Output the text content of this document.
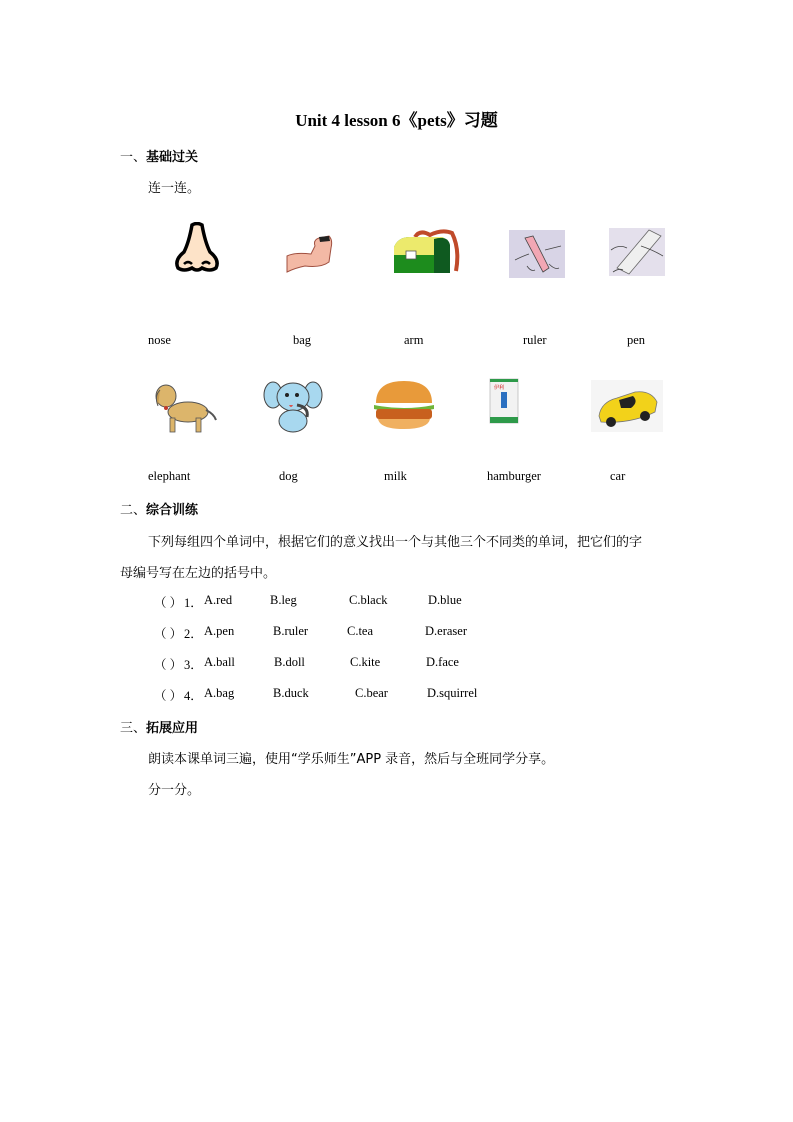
Unit 4 lesson 6《pets》习题
一、基础过关
连一连。
nose	bag	arm	ruler	pen
伊利
elephant	dog	milk	hamburger	car
二、综合训练
下列每组四个单词中，根据它们的意义找出一个与其他三个不同类的单词，把它们的字
母编号写在左边的括号中。
（ ） 1． A.red	B.leg	C.black	D.blue
（ ） 2． A.pen	B.ruler	C.tea	D.eraser
（ ） 3． A.ball	B.doll	C.kite	D.face
（ ） 4． A.bag	B.duck	C.bear	D.squirrel
三、拓展应用
朗读本课单词三遍，使用“学乐师生”APP 录音，然后与全班同学分享。
分一分。
